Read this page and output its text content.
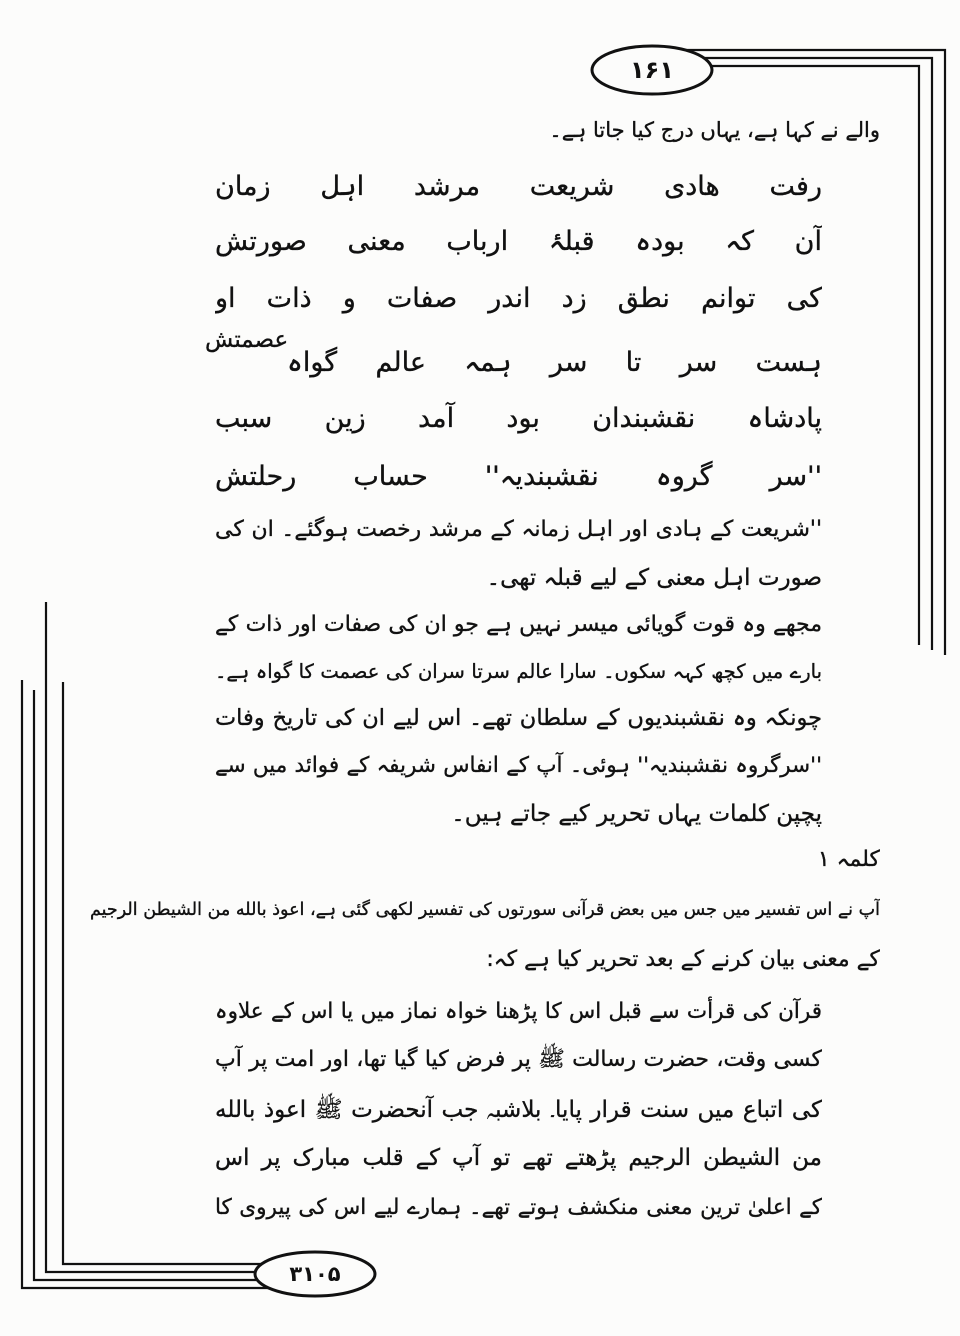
۱۶۱
۳۱۰۵
والے نے کہا ہے، یہاں درج کیا جاتا ہے۔
رفت ھادی شریعت مرشد اہل زمان
آن کہ بودہ قبلۂ ارباب معنی صورتش
کی توانم نطق زد اندر صفات و ذات او
ہست سر تا سر ہمہ عالم گواہ
عصمتش
پادشاہ نقشبندان بود آمد زین سبب
''سر گروہ نقشبندیہ'' حساب رحلتش
''شریعت کے ہادی اور اہل زمانہ کے مرشد رخصت ہوگئے۔ ان کی
صورت اہل معنی کے لیے قبلہ تھی۔
مجھے وہ قوت گویائی میسر نہیں ہے جو ان کی صفات اور ذات کے
بارے میں کچھ کہہ سکوں۔ سارا عالم سرتا سران کی عصمت کا گواہ ہے۔
چونکہ وہ نقشبندیوں کے سلطان تھے۔ اس لیے ان کی تاریخ وفات
''سرگروہ نقشبندیہ'' ہوئی۔ آپ کے انفاس شریفہ کے فوائد میں سے
پچپن کلمات یہاں تحریر کیے جاتے ہیں۔
کلمہ ۱
آپ نے اس تفسیر میں جس میں بعض قرآنی سورتوں کی تفسیر لکھی گئی ہے، اعوذ بالله من الشیطن الرجیم
کے معنی بیان کرنے کے بعد تحریر کیا ہے کہ:
قرآن کی قرأت سے قبل اس کا پڑھنا خواہ نماز میں یا اس کے علاوہ
کسی وقت، حضرت رسالت ﷺ پر فرض کیا گیا تھا، اور امت پر آپ
کی اتباع میں سنت قرار پایا۔ بلاشبہ جب آنحضرت ﷺ اعوذ بالله
من الشیطن الرجیم پڑھتے تھے تو آپ کے قلب مبارک پر اس
کے اعلیٰ ترین معنی منکشف ہوتے تھے۔ ہمارے لیے اس کی پیروی کا
